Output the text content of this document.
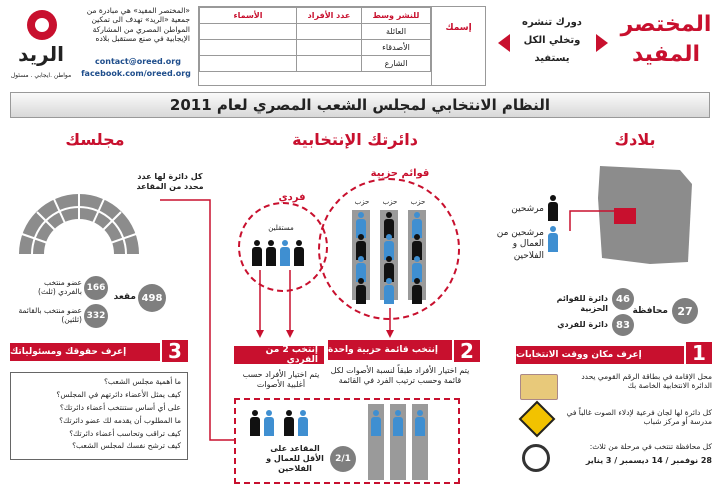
الريد
مواطن .ايجابي . مسئول
«المختصر المفيد» هي مبادرة من جمعية «الريد» تهدف الى تمكين المواطن المصري من المشاركة الإيجابية في صنع مستقبل بلاده
contact@oreed.org
facebook.com/oreed.org
للنشر وسط	عدد الأفراد	الأسماء
العائلة		
الأصدقاء		
الشارع		
إسمك	دورك تنشره
وتخلي الكل
يستفيد
المختصر
المفيد
النظام الانتخابي لمجلس الشعب المصري لعام 2011
بلادك
دائرتك الإنتخابية
مجلسك
مرشحين
مرشحين من العمال و الفلاحين
27
محافظة
46
دائرة للقوائم الحزبية
83
دائرة للفردي
قوائم حزبية
حزب حزب حزب
فردي
مستقلين
إنتخب قائمة حزبية واحدة	2
إنتخب 2 من الفردي
يتم اختيار الأفراد طبقاً لنسبة الأصوات لكل قائمة وحسب ترتيب الفرد في القائمة
يتم اختيار الأفراد حسب أغلبية الأصوات
2/1
المقاعد على الأقل للعمال و الفلاحين
كل دائرة لها عدد محدد من المقاعد
498
مقعد
166
عضو منتخب بالفردي (ثلث)
332
عضو منتخب بالقائمة (ثلثين)
إعرف حقوقك ومسئولياتك	3
ما أهمية مجلس الشعب؟
كيف يمثل الأعضاء دائرتهم في المجلس؟
على أي أساس ستنتخب أعضاء دائرتك؟
ما المطلوب أن يقدمه لك عضو دائرتك؟
كيف تراقب وتحاسب أعضاء دائرتك؟
كيف ترشح نفسك لمجلس الشعب؟
إعرف مكان ووقت الانتخابات	1
محل الإقامة في بطاقة الرقم القومي يحدد الدائرة الانتخابية الخاصة بك
كل دائرة لها لجان فرعية لإدلاء الصوت غالباً في مدرسة أو مركز شباب
كل محافظة تنتخب في مرحلة من ثلاث:
28 نوفمبر / 14 ديسمبر / 3 يناير
